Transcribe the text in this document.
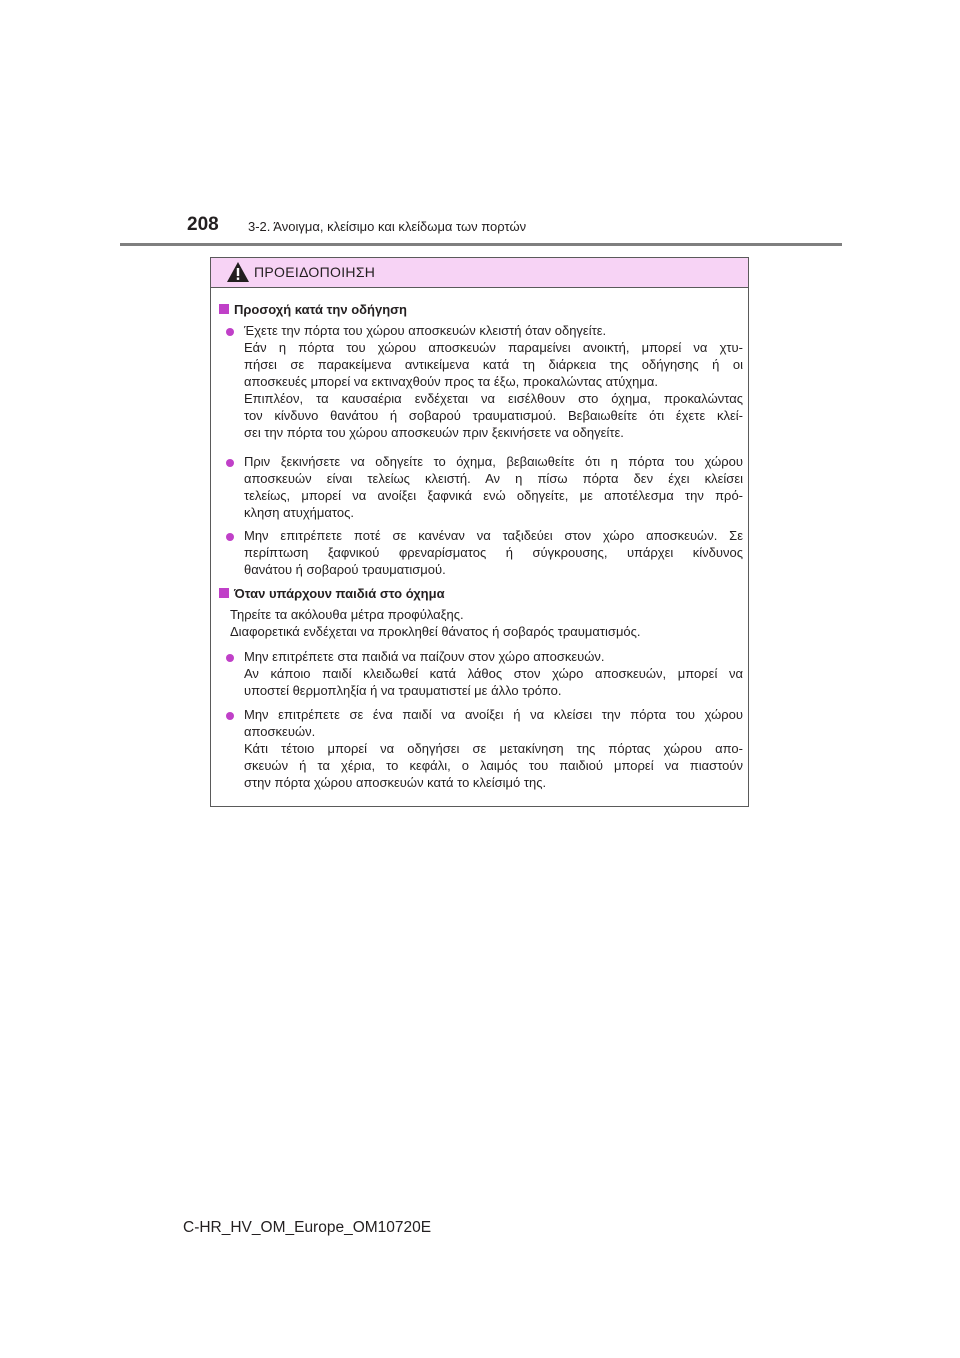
208 3-2. Άνοιγμα, κλείσιμο και κλείδωμα των πορτών
ΠΡΟΕΙΔΟΠΟΙΗΣΗ
Προσοχή κατά την οδήγηση
Έχετε την πόρτα του χώρου αποσκευών κλειστή όταν οδηγείτε.
Εάν η πόρτα του χώρου αποσκευών παραμείνει ανοικτή, μπορεί να χτυ-
πήσει σε παρακείμενα αντικείμενα κατά τη διάρκεια της οδήγησης ή οι
αποσκευές μπορεί να εκτιναχθούν προς τα έξω, προκαλώντας ατύχημα.
Επιπλέον, τα καυσαέρια ενδέχεται να εισέλθουν στο όχημα, προκαλώντας
τον κίνδυνο θανάτου ή σοβαρού τραυματισμού. Βεβαιωθείτε ότι έχετε κλεί-
σει την πόρτα του χώρου αποσκευών πριν ξεκινήσετε να οδηγείτε.
Πριν ξεκινήσετε να οδηγείτε το όχημα, βεβαιωθείτε ότι η πόρτα του χώρου
αποσκευών είναι τελείως κλειστή. Αν η πίσω πόρτα δεν έχει κλείσει
τελείως, μπορεί να ανοίξει ξαφνικά ενώ οδηγείτε, με αποτέλεσμα την πρό-
κληση ατυχήματος.
Μην επιτρέπετε ποτέ σε κανέναν να ταξιδεύει στον χώρο αποσκευών. Σε
περίπτωση ξαφνικού φρεναρίσματος ή σύγκρουσης, υπάρχει κίνδυνος
θανάτου ή σοβαρού τραυματισμού.
Όταν υπάρχουν παιδιά στο όχημα
Τηρείτε τα ακόλουθα μέτρα προφύλαξης.
Διαφορετικά ενδέχεται να προκληθεί θάνατος ή σοβαρός τραυματισμός.
Μην επιτρέπετε στα παιδιά να παίζουν στον χώρο αποσκευών.
Αν κάποιο παιδί κλειδωθεί κατά λάθος στον χώρο αποσκευών, μπορεί να
υποστεί θερμοπληξία ή να τραυματιστεί με άλλο τρόπο.
Μην επιτρέπετε σε ένα παιδί να ανοίξει ή να κλείσει την πόρτα του χώρου
αποσκευών.
Κάτι τέτοιο μπορεί να οδηγήσει σε μετακίνηση της πόρτας χώρου απο-
σκευών ή τα χέρια, το κεφάλι, ο λαιμός του παιδιού μπορεί να πιαστούν
στην πόρτα χώρου αποσκευών κατά το κλείσιμό της.
C-HR_HV_OM_Europe_OM10720E
